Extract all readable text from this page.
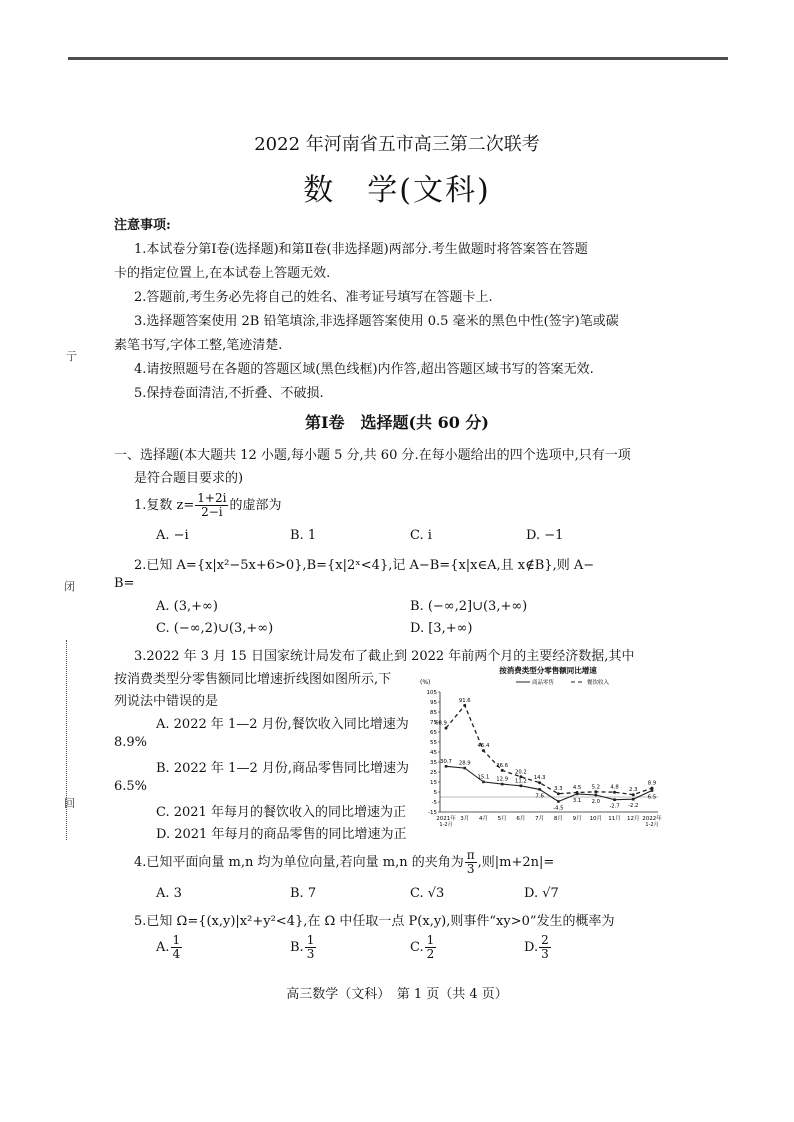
亍
闭
回
2022 年河南省五市高三第二次联考
数　学(文科)
注意事项:
1.本试卷分第Ⅰ卷(选择题)和第Ⅱ卷(非选择题)两部分.考生做题时将答案答在答题
卡的指定位置上,在本试卷上答题无效.
2.答题前,考生务必先将自己的姓名、准考证号填写在答题卡上.
3.选择题答案使用 2B 铅笔填涂,非选择题答案使用 0.5 毫米的黑色中性(签字)笔或碳
素笔书写,字体工整,笔迹清楚.
4.请按照题号在各题的答题区域(黑色线框)内作答,超出答题区域书写的答案无效.
5.保持卷面清洁,不折叠、不破损.
第Ⅰ卷　选择题(共 60 分)
一、选择题(本大题共 12 小题,每小题 5 分,共 60 分.在每小题给出的四个选项中,只有一项
是符合题目要求的)
1.复数 $z= \frac{1+2i}{2-i}$ 的虚部为
A. −i	B. 1	C. i	D. −1
2.已知 A={x|x²−5x+6>0},B={x|2ˣ<4},记 A−B={x|x∈A,且 x∉B},则 A−
B=
A. (3,+∞)	B. (−∞,2]∪(3,+∞)
C. (−∞,2)∪(3,+∞)	D. [3,+∞)
3.2022 年 3 月 15 日国家统计局发布了截止到 2022 年前两个月的主要经济数据,其中
按消费类型分零售额同比增速折线图如图所示,下
列说法中错误的是
A. 2022 年 1—2 月份,餐饮收入同比增速为
8.9%
B. 2022 年 1—2 月份,商品零售同比增速为
6.5%
C. 2021 年每月的餐饮收入的同比增速为正
D. 2021 年每月的商品零售的同比增速为正
按消费类型分零售额同比增速
商品零售	餐饮收入
(%)
105
95
85
75
65
55
45
35
25
15
5
-5
-15
2021年 3月 4月 5月 6月 7月 8月 9月 10月 11月 12月 2022年
1-2月	1-2月
30.7 28.9
15.1 12.9 11.2
7.6
-4.5
3.1 2.0
-2.7 -2.2
6.5
68.9
91.6
46.4
26.6
20.2
14.3
3.3 4.5 5.2 4.8 2.3
8.9
4.已知平面向量 m,n 均为单位向量,若向量 m,n 的夹角为 $\frac{\pi}{3}$ ,则|m+2n|=
A. 3	B. 7	C. √3	D. √7
5.已知 Ω={(x,y)|x²+y²<4},在 Ω 中任取一点 P(x,y),则事件“xy>0”发生的概率为
A. $\frac{1}{4}$	B. $\frac{1}{3}$	C. $\frac{1}{2}$	D. $\frac{2}{3}$
高三数学（文科）　第 1 页（共 4 页）
